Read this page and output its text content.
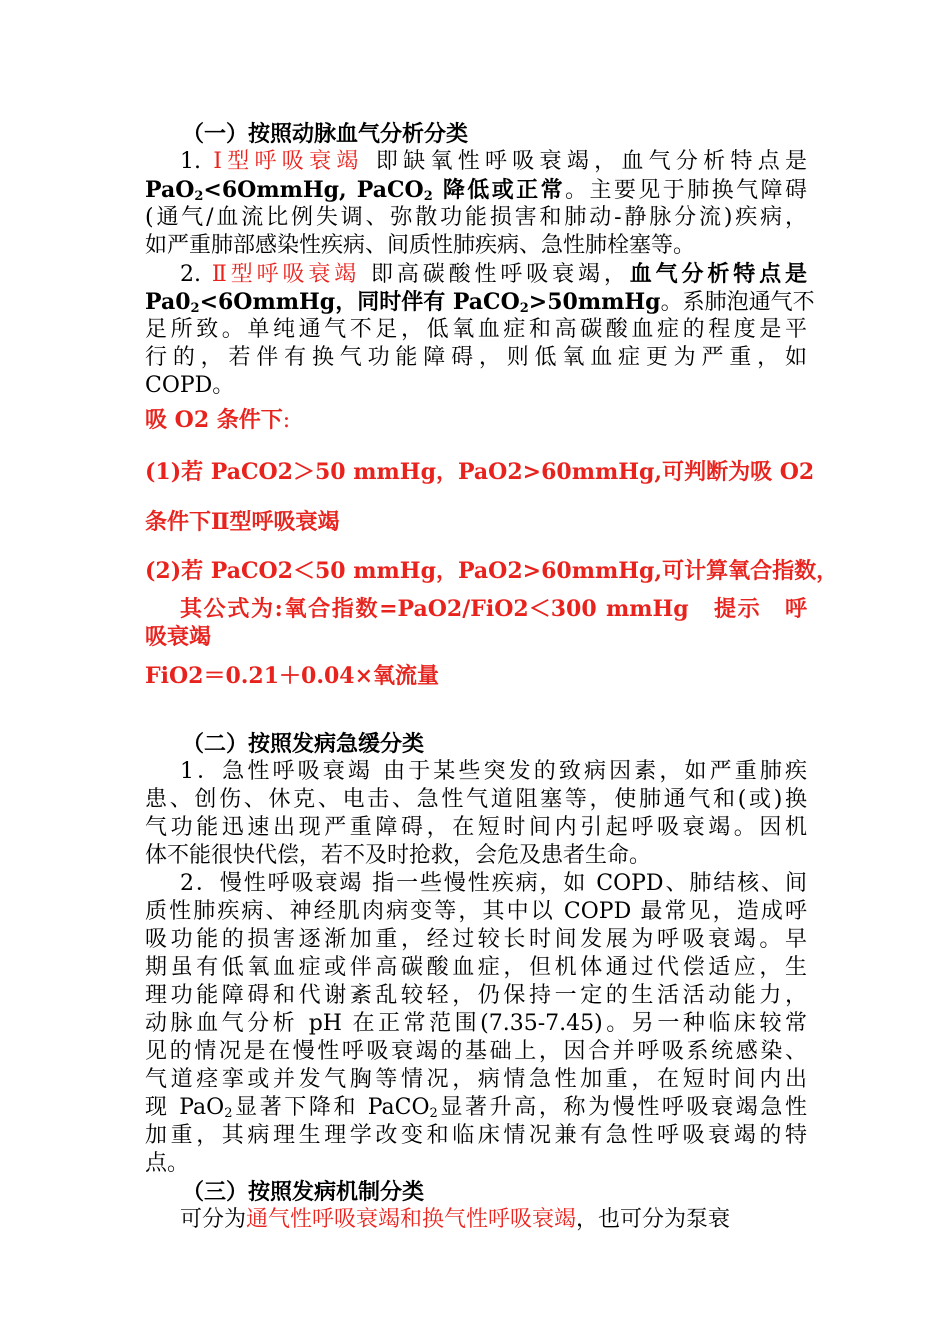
（一）按照动脉血气分析分类
1. Ⅰ型呼吸衰竭 即缺氧性呼吸衰竭，血气分析特点是
PaO$_2$<6OmmHg, PaCO$_2$ 降低或正常。主要见于肺换气障碍
(通气/血流比例失调、弥散功能损害和肺动-静脉分流)疾病，
如严重肺部感染性疾病、间质性肺疾病、急性肺栓塞等。
2. Ⅱ型呼吸衰竭 即高碳酸性呼吸衰竭，血气分析特点是
$Pa0_2<6OmmHg$，同时伴有 PaCO$_2$>50mmHg。系肺泡通气不
足所致。单纯通气不足，低氧血症和高碳酸血症的程度是平
行的，若伴有换气功能障碍，则低氧血症更为严重，如
COPD。
吸 O2 条件下:
(1)若 PaCO2＞50 mmHg，PaO2>60mmHg,可判断为吸 O2
条件下Ⅱ型呼吸衰竭
(2)若 PaCO2＜50 mmHg，PaO2>60mmHg,可计算氧合指数，
其公式为:氧合指数=PaO2/FiO2＜300 mmHg　提示　呼
吸衰竭
FiO2＝0.21＋0.04×氧流量
（二）按照发病急缓分类
1．急性呼吸衰竭 由于某些突发的致病因素，如严重肺疾
患、创伤、休克、电击、急性气道阻塞等，使肺通气和(或)换
气功能迅速出现严重障碍，在短时间内引起呼吸衰竭。因机
体不能很快代偿，若不及时抢救，会危及患者生命。
2．慢性呼吸衰竭 指一些慢性疾病，如 COPD、肺结核、间
质性肺疾病、神经肌肉病变等，其中以 COPD 最常见，造成呼
吸功能的损害逐渐加重，经过较长时间发展为呼吸衰竭。早
期虽有低氧血症或伴高碳酸血症，但机体通过代偿适应，生
理功能障碍和代谢紊乱较轻，仍保持一定的生活活动能力，
动脉血气分析 pH 在正常范围(7.35-7.45)。另一种临床较常
见的情况是在慢性呼吸衰竭的基础上，因合并呼吸系统感染、
气道痉挛或并发气胸等情况，病情急性加重，在短时间内出
现 PaO$_2$显著下降和 PaCO$_2$显著升高，称为慢性呼吸衰竭急性
加重，其病理生理学改变和临床情况兼有急性呼吸衰竭的特
点。
（三）按照发病机制分类
可分为通气性呼吸衰竭和换气性呼吸衰竭，也可分为泵衰
